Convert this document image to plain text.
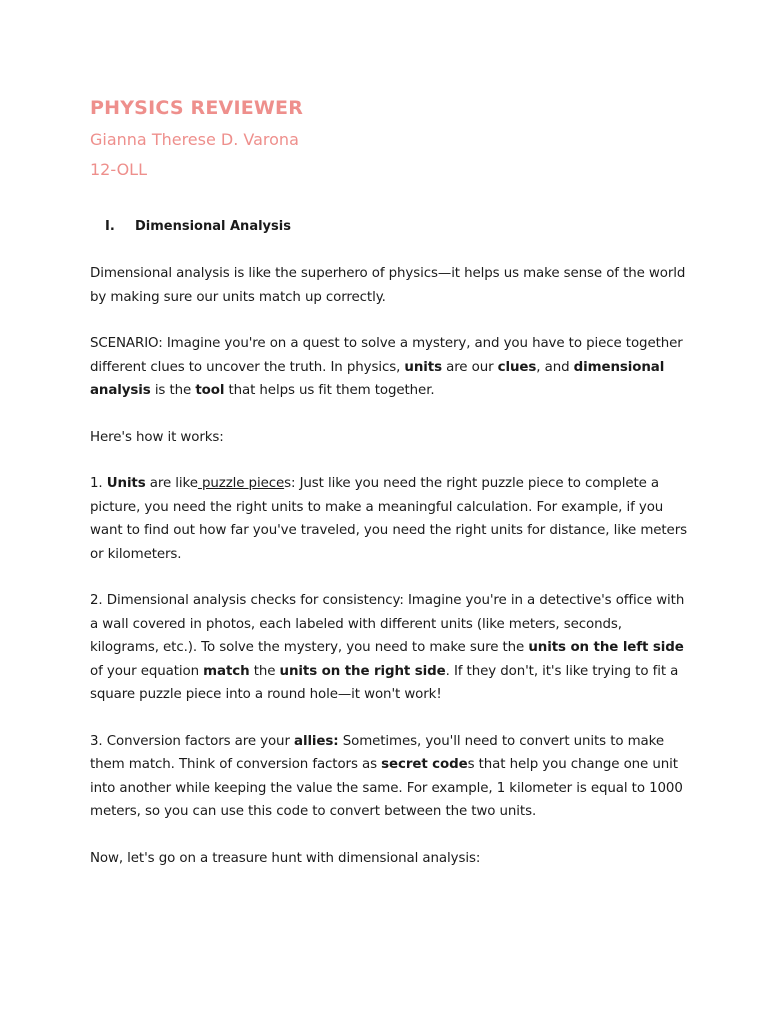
PHYSICS REVIEWER

Gianna Therese D. Varona

12-OLL

I. Dimensional Analysis

Dimensional analysis is like the superhero of physics—it helps us make sense of the world by making sure our units match up correctly.

SCENARIO: Imagine you're on a quest to solve a mystery, and you have to piece together different clues to uncover the truth. In physics, units are our clues, and dimensional analysis is the tool that helps us fit them together.

Here's how it works:

1. Units are like puzzle pieces: Just like you need the right puzzle piece to complete a picture, you need the right units to make a meaningful calculation. For example, if you want to find out how far you've traveled, you need the right units for distance, like meters or kilometers.

2. Dimensional analysis checks for consistency: Imagine you're in a detective's office with a wall covered in photos, each labeled with different units (like meters, seconds, kilograms, etc.). To solve the mystery, you need to make sure the units on the left side of your equation match the units on the right side. If they don't, it's like trying to fit a square puzzle piece into a round hole—it won't work!

3. Conversion factors are your allies: Sometimes, you'll need to convert units to make them match. Think of conversion factors as secret codes that help you change one unit into another while keeping the value the same. For example, 1 kilometer is equal to 1000 meters, so you can use this code to convert between the two units.

Now, let's go on a treasure hunt with dimensional analysis:
